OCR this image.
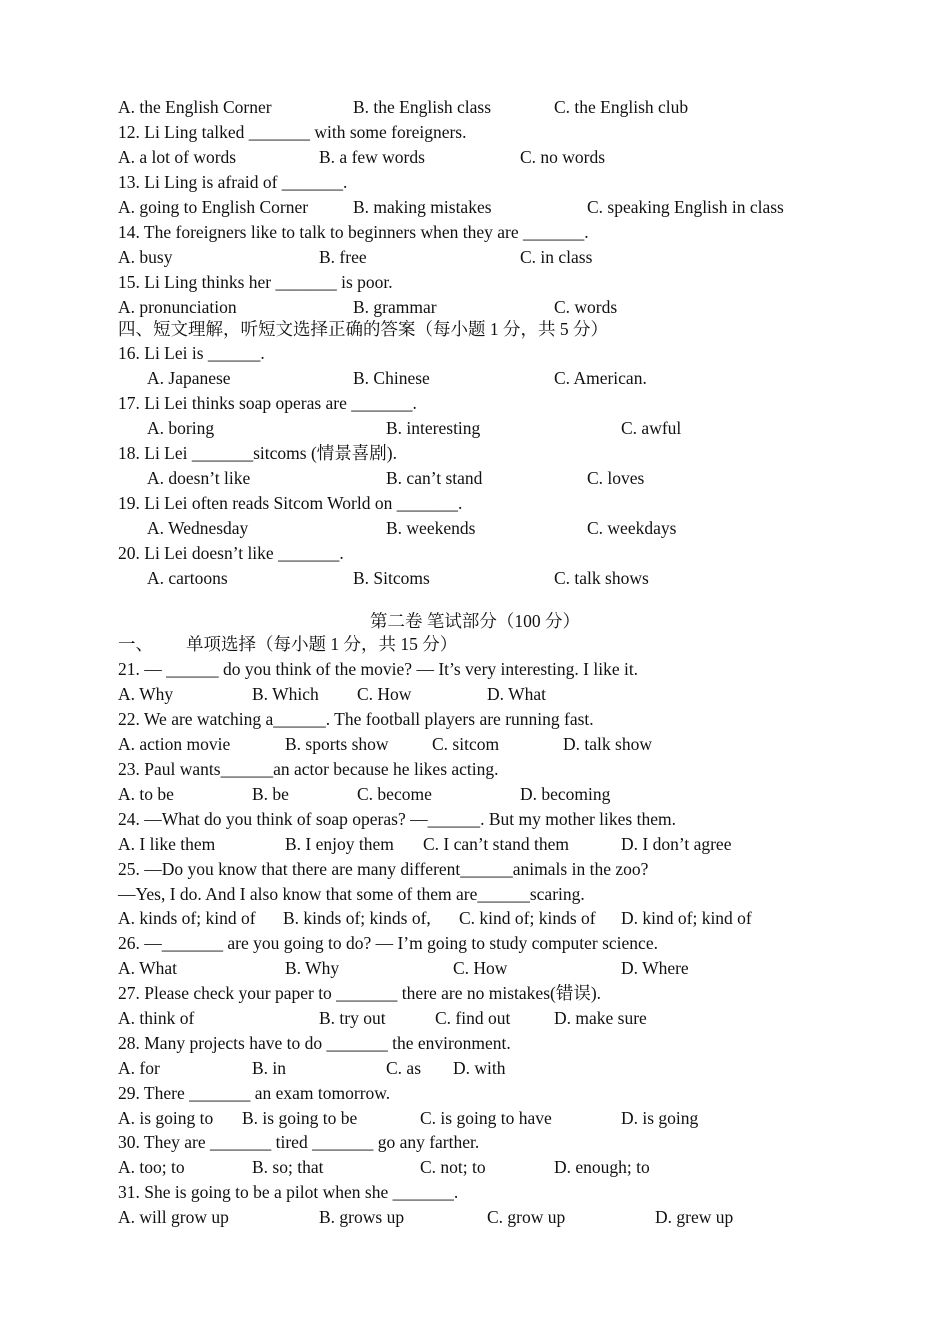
A. the English Corner	B. the English class	C. the English club
12. Li Ling talked _______ with some foreigners.
A. a lot of words	B. a few words	C. no words
13. Li Ling is afraid of _______.
A. going to English Corner	B. making mistakes	C. speaking English in class
14. The foreigners like to talk to beginners when they are _______.
A. busy	B. free	C. in class
15. Li Ling thinks her _______ is poor.
A. pronunciation	B. grammar	C. words
四、短文理解，听短文选择正确的答案（每小题 1 分，共 5 分）
16. Li Lei is ______.
A. Japanese	B. Chinese	C. American.
17. Li Lei thinks soap operas are _______.
A. boring	B. interesting	C. awful
18. Li Lei _______sitcoms (情景喜剧).
A. doesn’t like	B. can’t stand	C. loves
19. Li Lei often reads Sitcom World on _______.
A. Wednesday	B. weekends	C. weekdays
20. Li Lei doesn’t like _______.
A. cartoons	B. Sitcoms	C. talk shows
第二卷 笔试部分（100 分）
一、 单项选择（每小题 1 分，共 15 分）
21. — ______ do you think of the movie? — It’s very interesting. I like it.
A. Why	B. Which C. How	D. What
22. We are watching a______. The football players are running fast.
A. action movie	B. sports show C. sitcom	D. talk show
23. Paul wants______an actor because he likes acting.
A. to be	B. be	C. become	D. becoming
24. —What do you think of soap operas? —______. But my mother likes them.
A. I like them	B. I enjoy them C. I can’t stand them	D. I don’t agree
25. —Do you know that there are many different______animals in the zoo?
—Yes, I do. And I also know that some of them are______scaring.
A. kinds of; kind of B. kinds of; kinds of, C. kind of; kinds of D. kind of; kind of
26. —_______ are you going to do? — I’m going to study computer science.
A. What	B. Why	C. How	D. Where
27. Please check your paper to _______ there are no mistakes(错误).
A. think of	B. try out	C. find out D. make sure
28. Many projects have to do _______ the environment.
A. for	B. in	C. as D. with
29. There _______ an exam tomorrow.
A. is going to B. is going to be	C. is going to have	D. is going
30. They are _______ tired _______ go any farther.
A. too; to	B. so; that	C. not; to	D. enough; to
31. She is going to be a pilot when she _______.
A. will grow up	B. grows up	C. grow up	D. grew up
